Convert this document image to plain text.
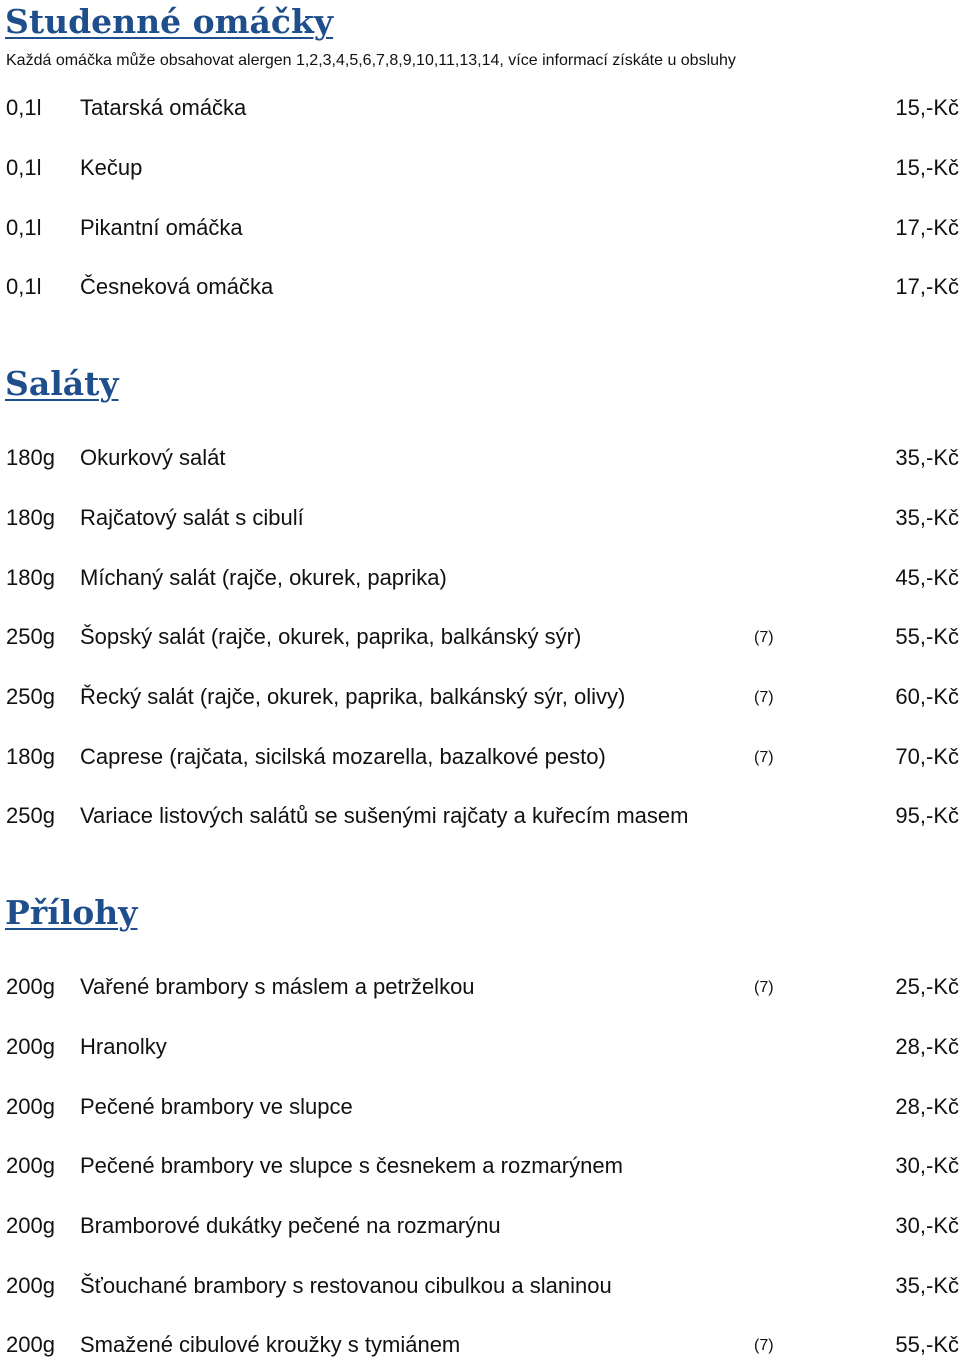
Studenné omáčky
Každá omáčka může obsahovat alergen 1,2,3,4,5,6,7,8,9,10,11,13,14, více informací získáte u obsluhy
0,1l Tatarská omáčka	15,-Kč
0,1l Kečup	15,-Kč
0,1l Pikantní omáčka	17,-Kč
0,1l Česneková omáčka	17,-Kč
Saláty
180g Okurkový salát	35,-Kč
180g Rajčatový salát s cibulí	35,-Kč
180g Míchaný salát (rajče, okurek, paprika)	45,-Kč
250g Šopský salát (rajče, okurek, paprika, balkánský sýr)	(7)	55,-Kč
250g Řecký salát (rajče, okurek, paprika, balkánský sýr, olivy)	(7)	60,-Kč
180g Caprese (rajčata, sicilská mozarella, bazalkové pesto)	(7)	70,-Kč
250g Variace listových salátů se sušenými rajčaty a kuřecím masem	95,-Kč
Přílohy
200g Vařené brambory s máslem a petrželkou	(7)	25,-Kč
200g Hranolky	28,-Kč
200g Pečené brambory ve slupce	28,-Kč
200g Pečené brambory ve slupce s česnekem a rozmarýnem	30,-Kč
200g Bramborové dukátky pečené na rozmarýnu	30,-Kč
200g Šťouchané brambory s restovanou cibulkou a slaninou	35,-Kč
200g Smažené cibulové kroužky s tymiánem	(7)	55,-Kč
